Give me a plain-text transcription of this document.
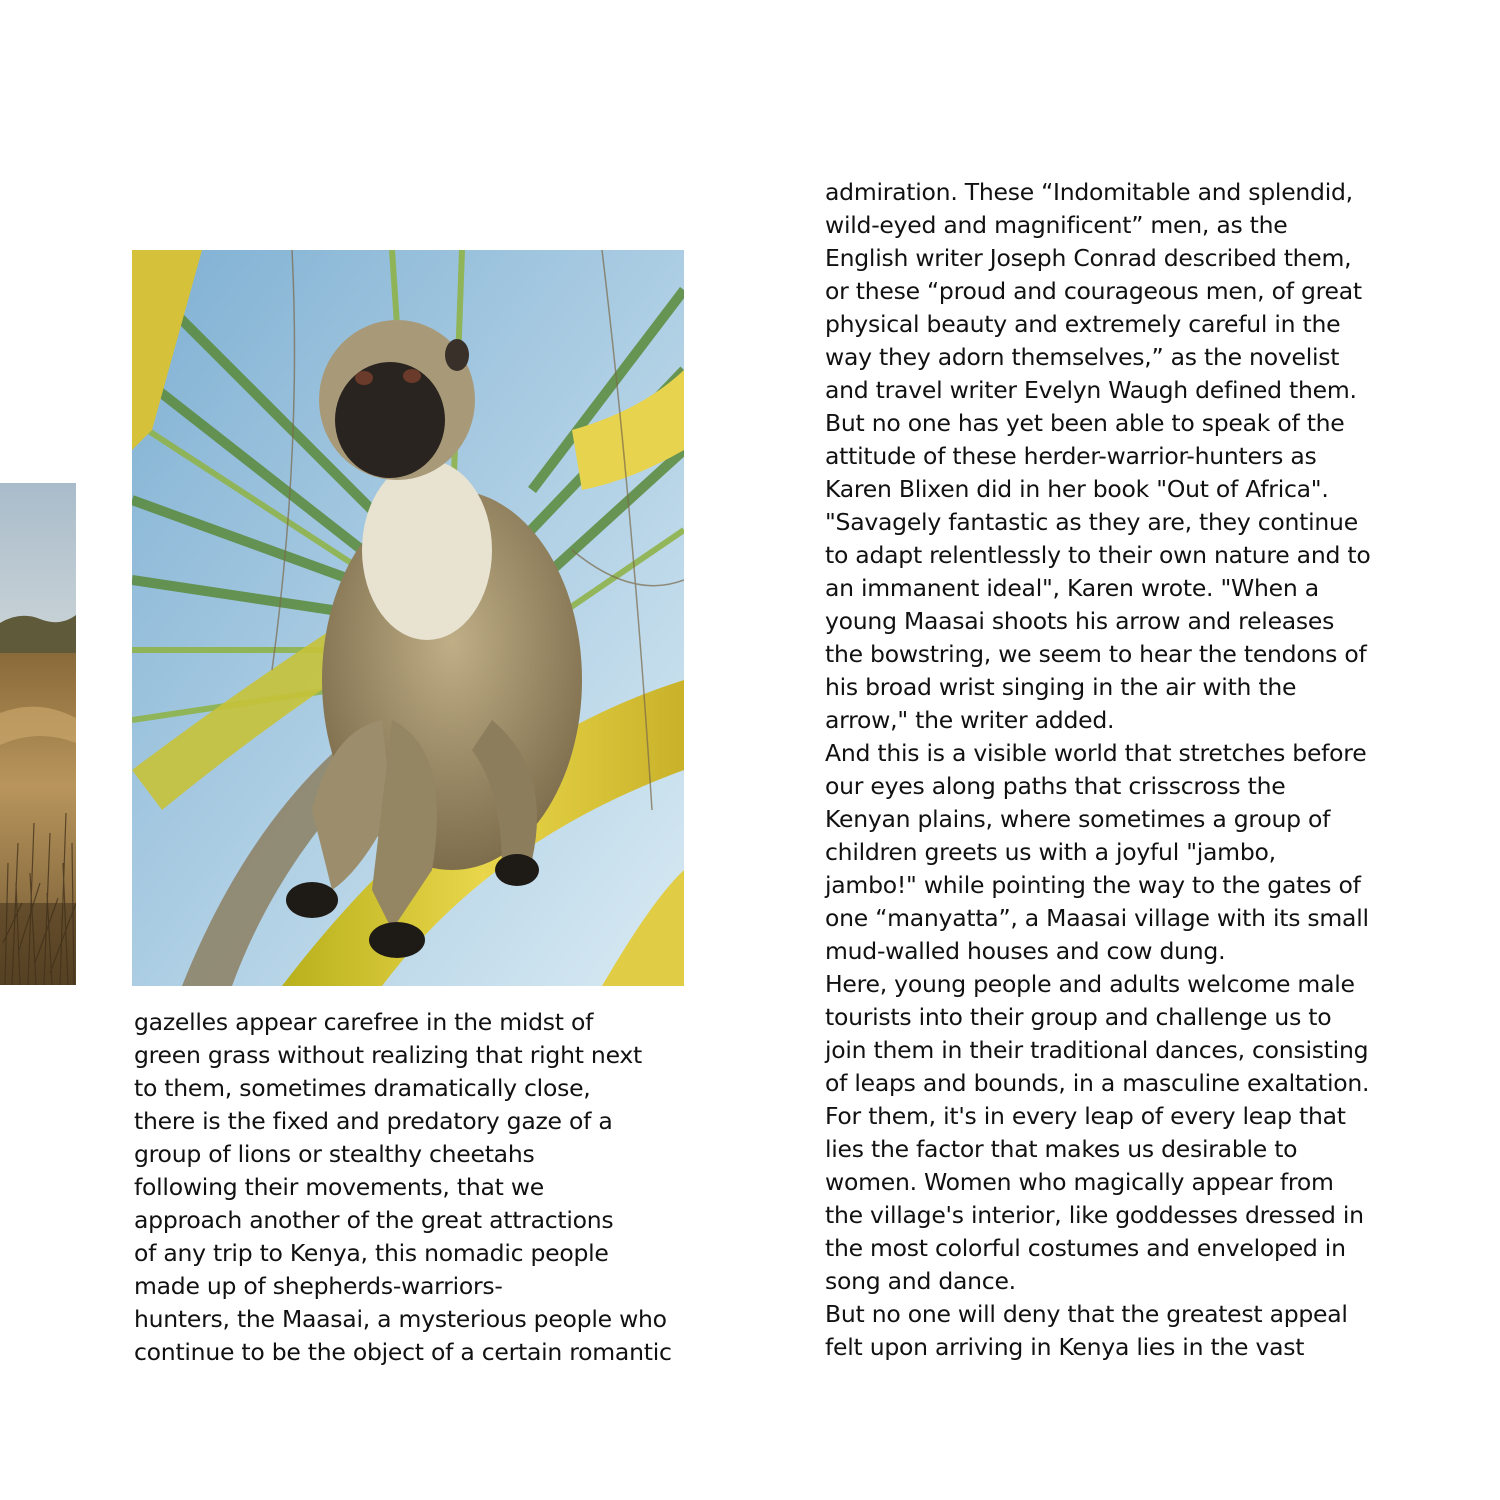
gazelles appear carefree in the midst of
green grass without realizing that right next
to them, sometimes dramatically close,
there is the fixed and predatory gaze of a
group of lions or stealthy cheetahs
following their movements, that we
approach another of the great attractions
of any trip to Kenya, this nomadic people
made up of shepherds-warriors-
hunters, the Maasai, a mysterious people who
continue to be the object of a certain romantic
admiration. These “Indomitable and splendid,
wild-eyed and magnificent” men, as the
English writer Joseph Conrad described them,
or these “proud and courageous men, of great
physical beauty and extremely careful in the
way they adorn themselves,” as the novelist
and travel writer Evelyn Waugh defined them.
But no one has yet been able to speak of the
attitude of these herder-warrior-hunters as
Karen Blixen did in her book "Out of Africa".
"Savagely fantastic as they are, they continue
to adapt relentlessly to their own nature and to
an immanent ideal", Karen wrote. "When a
young Maasai shoots his arrow and releases
the bowstring, we seem to hear the tendons of
his broad wrist singing in the air with the
arrow," the writer added.
And this is a visible world that stretches before
our eyes along paths that crisscross the
Kenyan plains, where sometimes a group of
children greets us with a joyful "jambo,
jambo!" while pointing the way to the gates of
one “manyatta”, a Maasai village with its small
mud-walled houses and cow dung.
Here, young people and adults welcome male
tourists into their group and challenge us to
join them in their traditional dances, consisting
of leaps and bounds, in a masculine exaltation.
For them, it's in every leap of every leap that
lies the factor that makes us desirable to
women. Women who magically appear from
the village's interior, like goddesses dressed in
the most colorful costumes and enveloped in
song and dance.
But no one will deny that the greatest appeal
felt upon arriving in Kenya lies in the vast
